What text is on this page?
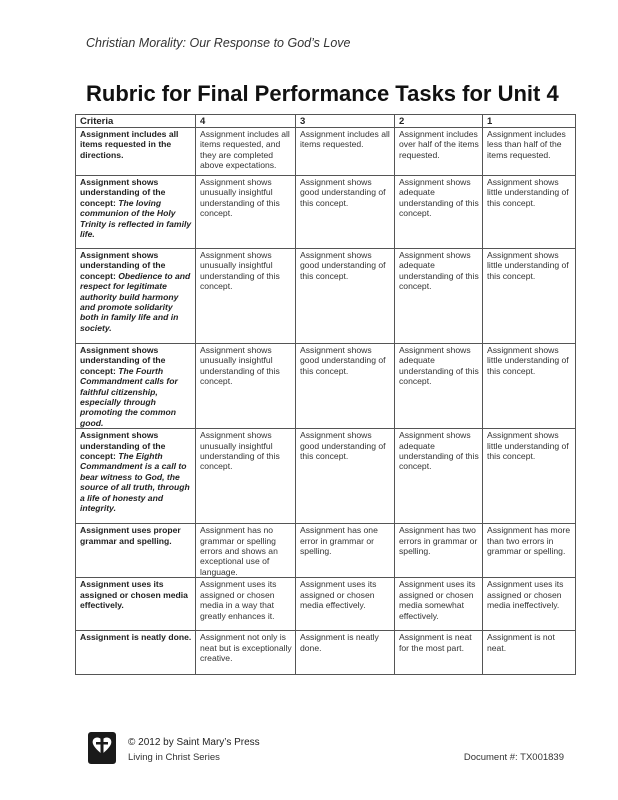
Christian Morality: Our Response to God’s Love
Rubric for Final Performance Tasks for Unit 4
Criteria	4	3	2	1
Assignment includes all items requested in the directions.	Assignment includes all items requested, and they are completed above expectations.	Assignment includes all items requested.	Assignment includes over half of the items requested.	Assignment includes less than half of the items requested.
Assignment shows understanding of the concept: The loving communion of the Holy Trinity is reflected in family life.	Assignment shows unusually insightful understanding of this concept.	Assignment shows good understanding of this concept.	Assignment shows adequate understanding of this concept.	Assignment shows little understanding of this concept.
Assignment shows understanding of the concept: Obedience to and respect for legitimate authority build harmony and promote solidarity both in family life and in society.	Assignment shows unusually insightful understanding of this concept.	Assignment shows good understanding of this concept.	Assignment shows adequate understanding of this concept.	Assignment shows little understanding of this concept.
Assignment shows understanding of the concept: The Fourth Commandment calls for faithful citizenship, especially through promoting the common good.	Assignment shows unusually insightful understanding of this concept.	Assignment shows good understanding of this concept.	Assignment shows adequate understanding of this concept.	Assignment shows little understanding of this concept.
Assignment shows understanding of the concept: The Eighth Commandment is a call to bear witness to God, the source of all truth, through a life of honesty and integrity.	Assignment shows unusually insightful understanding of this concept.	Assignment shows good understanding of this concept.	Assignment shows adequate understanding of this concept.	Assignment shows little understanding of this concept.
Assignment uses proper grammar and spelling.	Assignment has no grammar or spelling errors and shows an exceptional use of language.	Assignment has one error in grammar or spelling.	Assignment has two errors in grammar or spelling.	Assignment has more than two errors in grammar or spelling.
Assignment uses its assigned or chosen media effectively.	Assignment uses its assigned or chosen media in a way that greatly enhances it.	Assignment uses its assigned or chosen media effectively.	Assignment uses its assigned or chosen media somewhat effectively.	Assignment uses its assigned or chosen media ineffectively.
Assignment is neatly done.	Assignment not only is neat but is exceptionally creative.	Assignment is neatly done.	Assignment is neat for the most part.	Assignment is not neat.
© 2012 by Saint Mary’s Press
Living in Christ Series	Document #: TX001839
